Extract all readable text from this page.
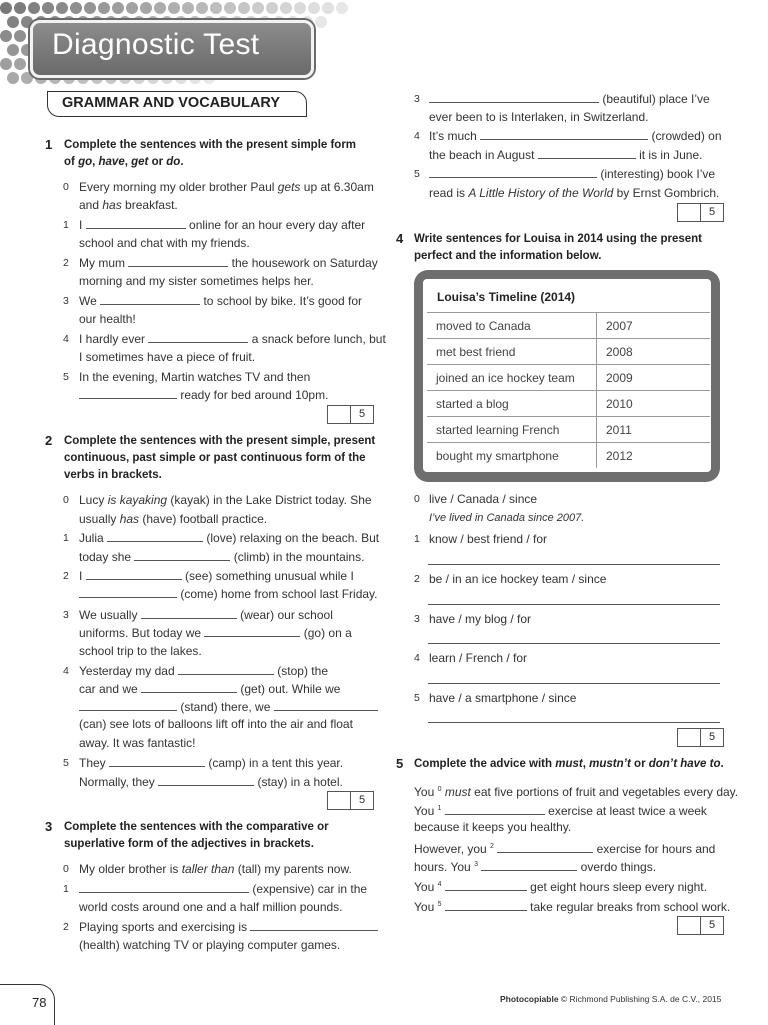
Diagnostic Test
GRAMMAR AND VOCABULARY
1 Complete the sentences with the present simple form
of go, have, get or do.
0 Every morning my older brother Paul gets up at 6.30am
and has breakfast.
1 I	online for an hour every day after
school and chat with my friends.
2 My mum	the housework on Saturday
morning and my sister sometimes helps her.
3 We	to school by bike. It’s good for
our health!
4 I hardly ever	a snack before lunch, but
I sometimes have a piece of fruit.
5 In the evening, Martin watches TV and then
ready for bed around 10pm.
5
2 Complete the sentences with the present simple, present
continuous, past simple or past continuous form of the
verbs in brackets.
0 Lucy is kayaking (kayak) in the Lake District today. She
usually has (have) football practice.
1 Julia	(love) relaxing on the beach. But
today she	(climb) in the mountains.
2 I	(see) something unusual while I
(come) home from school last Friday.
3 We usually	(wear) our school
uniforms. But today we	(go) on a
school trip to the lakes.
4 Yesterday my dad	(stop) the
car and we	(get) out. While we
(stand) there, we
(can) see lots of balloons lift off into the air and float
away. It was fantastic!
5 They	(camp) in a tent this year.
Normally, they	(stay) in a hotel.
5
3 Complete the sentences with the comparative or
superlative form of the adjectives in brackets.
0 My older brother is taller than (tall) my parents now.
1	(expensive) car in the
world costs around one and a half million pounds.
2 Playing sports and exercising is
(health) watching TV or playing computer games.
3	(beautiful) place I’ve
ever been to is Interlaken, in Switzerland.
4 It’s much	(crowded) on
the beach in August	it is in June.
5	(interesting) book I’ve
read is A Little History of the World by Ernst Gombrich.
5
4 Write sentences for Louisa in 2014 using the present
perfect and the information below.
Louisa’s Timeline (2014)
moved to Canada	2007
met best friend	2008
joined an ice hockey team	2009
started a blog	2010
started learning French	2011
bought my smartphone	2012
0 live / Canada / since
I’ve lived in Canada since 2007.
1 know / best friend / for
2 be / in an ice hockey team / since
3 have / my blog / for
4 learn / French / for
5 have / a smartphone / since
5
5 Complete the advice with must, mustn’t or don’t have to.
You $^0$ must eat five portions of fruit and vegetables every day.
You $^1$	exercise at least twice a week
because it keeps you healthy.
However, you $^2$	exercise for hours and
hours. You $^3$	overdo things.
You $^4$	get eight hours sleep every night.
You $^5$	take regular breaks from school work.
5
78	Photocopiable © Richmond Publishing S.A. de C.V., 2015
